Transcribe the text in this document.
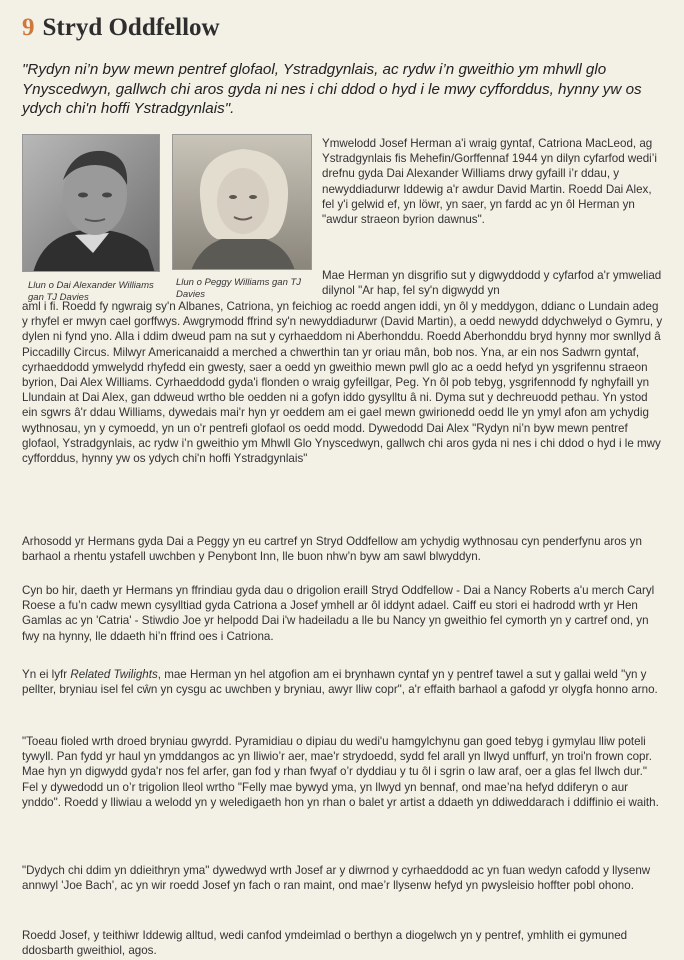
9 Stryd Oddfellow
"Rydyn ni’n byw mewn pentref glofaol, Ystradgynlais, ac rydw i’n gweithio ym mhwll glo Ynyscedwyn, gallwch chi aros gyda ni nes i chi ddod o hyd i le mwy cyfforddus, hynny yw os ydych chi'n hoffi Ystradgynlais".
Llun o Dai Alexander Williams gan TJ Davies
Llun o Peggy Williams gan TJ Davies
Ymwelodd Josef Herman a'i wraig gyntaf, Catriona MacLeod, ag Ystradgynlais fis Mehefin/Gorffennaf 1944 yn dilyn cyfarfod wedi’i drefnu gyda Dai Alexander Williams drwy gyfaill i’r ddau, y newyddiadurwr Iddewig a'r awdur David Martin. Roedd Dai Alex, fel y'i gelwid ef, yn löwr, yn saer, yn fardd ac yn ôl Herman yn "awdur straeon byrion dawnus".
Mae Herman yn disgrifio sut y digwyddodd y cyfarfod a'r ymweliad dilynol "Ar hap, fel sy'n digwydd yn
aml i fi. Roedd fy ngwraig sy'n Albanes, Catriona, yn feichiog ac roedd angen iddi, yn ôl y meddygon, ddianc o Lundain adeg y rhyfel er mwyn cael gorffwys. Awgrymodd ffrind sy'n newyddiadurwr (David Martin), a oedd newydd ddychwelyd o Gymru, y dylen ni fynd yno. Alla i ddim dweud pam na sut y cyrhaeddom ni Aberhonddu. Roedd Aberhonddu bryd hynny mor swnllyd â Piccadilly Circus. Milwyr Americanaidd a merched a chwerthin tan yr oriau mân, bob nos. Yna, ar ein nos Sadwrn gyntaf, cyrhaeddodd ymwelydd rhyfedd ein gwesty, saer a oedd yn gweithio mewn pwll glo ac a oedd hefyd yn ysgrifennu straeon byrion, Dai Alex Williams. Cyrhaeddodd gyda'i flonden o wraig gyfeillgar, Peg. Yn ôl pob tebyg, ysgrifennodd fy nghyfaill yn Llundain at Dai Alex, gan ddweud wrtho ble oedden ni a gofyn iddo gysylltu â ni. Dyma sut y dechreuodd pethau. Yn ystod ein sgwrs â'r ddau Williams, dywedais mai'r hyn yr oeddem am ei gael mewn gwirionedd oedd lle yn ymyl afon am ychydig wythnosau, yn y cymoedd, yn un o'r pentrefi glofaol os oedd modd. Dywedodd Dai Alex "Rydyn ni’n byw mewn pentref glofaol, Ystradgynlais, ac rydw i’n gweithio ym Mhwll Glo Ynyscedwyn, gallwch chi aros gyda ni nes i chi ddod o hyd i le mwy cyfforddus, hynny yw os ydych chi'n hoffi Ystradgynlais"
Arhosodd yr Hermans gyda Dai a Peggy yn eu cartref yn Stryd Oddfellow am ychydig wythnosau cyn penderfynu aros yn barhaol a rhentu ystafell uwchben y Penybont Inn, lle buon nhw’n byw am sawl blwyddyn.
Cyn bo hir, daeth yr Hermans yn ffrindiau gyda dau o drigolion eraill Stryd Oddfellow - Dai a Nancy Roberts a'u merch Caryl Roese a fu’n cadw mewn cysylltiad gyda Catriona a Josef ymhell ar ôl iddynt adael. Caiff eu stori ei hadrodd wrth yr Hen Gamlas ac yn 'Catria' - Stiwdio Joe yr helpodd Dai i'w hadeiladu a lle bu Nancy yn gweithio fel cymorth yn y cartref ond, yn fwy na hynny, lle ddaeth hi’n ffrind oes i Catriona.
Yn ei lyfr Related Twilights, mae Herman yn hel atgofion am ei brynhawn cyntaf yn y pentref tawel a sut y gallai weld "yn y pellter, bryniau isel fel cŵn yn cysgu ac uwchben y bryniau, awyr lliw copr", a'r effaith barhaol a gafodd yr olygfa honno arno.
"Toeau fioled wrth droed bryniau gwyrdd. Pyramidiau o dipiau du wedi'u hamgylchynu gan goed tebyg i gymylau lliw poteli tywyll. Pan fydd yr haul yn ymddangos ac yn lliwio’r aer, mae'r strydoedd, sydd fel arall yn llwyd unffurf, yn troi'n frown copr. Mae hyn yn digwydd gyda'r nos fel arfer, gan fod y rhan fwyaf o’r dyddiau y tu ôl i sgrin o law araf, oer a glas fel llwch dur." Fel y dywedodd un o’r trigolion lleol wrtho "Felly mae bywyd yma, yn llwyd yn bennaf, ond mae’na hefyd ddiferyn o aur ynddo". Roedd y lliwiau a welodd yn y weledigaeth hon yn rhan o balet yr artist a ddaeth yn ddiweddarach i ddiffinio ei waith.
"Dydych chi ddim yn ddieithryn yma" dywedwyd wrth Josef ar y diwrnod y cyrhaeddodd ac yn fuan wedyn cafodd y llysenw annwyl 'Joe Bach', ac yn wir roedd Josef yn fach o ran maint, ond mae’r llysenw hefyd yn pwysleisio hoffter pobl ohono.
Roedd Josef, y teithiwr Iddewig alltud, wedi canfod ymdeimlad o berthyn a diogelwch yn y pentref, ymhlith ei gymuned ddosbarth gweithiol, agos.
